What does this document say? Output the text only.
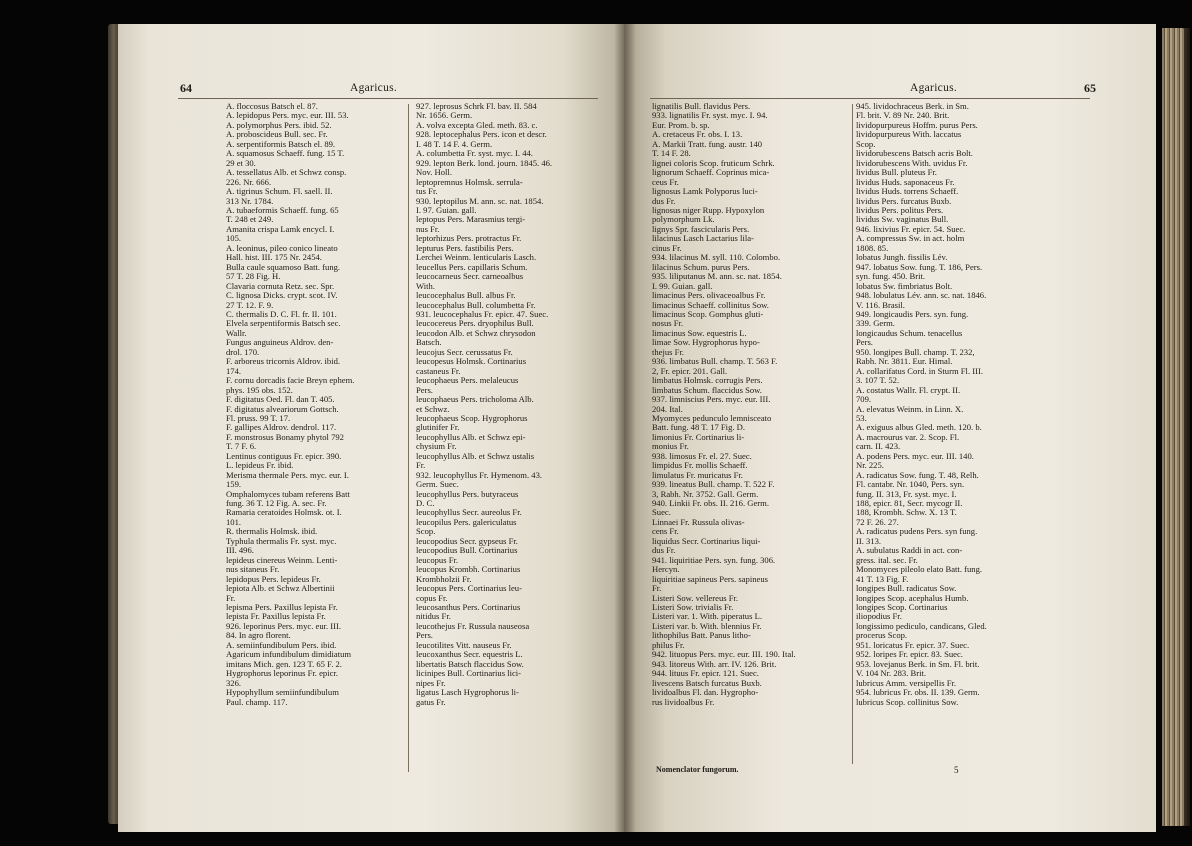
64	Agaricus.
A. floccosus Batsch el. 87.
A. lepidopus Pers. myc. eur. III. 53.
A. polymorphus Pers. ibid. 52.
A. proboscideus Bull. sec. Fr.
A. serpentiformis Batsch el. 89.
A. squamosus Schaeff. fung. 15 T.
29 et 30.
A. tessellatus Alb. et Schwz consp.
226. Nr. 666.
A. tigrinus Schum. Fl. saell. II.
313 Nr. 1784.
A. tubaeformis Schaeff. fung. 65
T. 248 et 249.
Amanita crispa Lamk encycl. I.
105.
A. leoninus, pileo conico lineato
Hall. hist. III. 175 Nr. 2454.
Bulla caule squamoso Batt. fung.
57 T. 28 Fig. H.
Clavaria cornuta Retz. sec. Spr.
C. lignosa Dicks. crypt. scot. IV.
27 T. 12. F. 9.
C. thermalis D. C. Fl. fr. II. 101.
Elvela serpentiformis Batsch sec.
Wallr.
Fungus anguineus Aldrov. den-
drol. 170.
F. arboreus tricornis Aldrov. ibid.
174.
F. cornu dorcadis facie Breyn ephem.
phys. 195 obs. 152.
F. digitatus Oed. Fl. dan T. 405.
F. digitatus alveariorum Gottsch.
Fl. pruss. 99 T. 17.
F. gallipes Aldrov. dendrol. 117.
F. monstrosus Bonamy phytol 792
T. 7 F. 6.
Lentinus contiguus Fr. epicr. 390.
L. lepideus Fr. ibid.
Merisma thermale Pers. myc. eur. I.
159.
Omphalomyces tubam referens Batt
fung. 36 T. 12 Fig. A. sec. Fr.
Ramaria ceratoides Holmsk. ot. I.
101.
R. thermalis Holmsk. ibid.
Typhula thermalis Fr. syst. myc.
III. 496.
lepideus cinereus Weinm. Lenti-
nus sitaneus Fr.
lepidopus Pers. lepideus Fr.
lepiota Alb. et Schwz Albertinii
Fr.
lepisma Pers. Paxillus lepista Fr.
lepista Fr. Paxillus lepista Fr.
926. leporinus Pers. myc. eur. III.
84. In agro florent.
A. semiinfundibulum Pers. ibid.
Agaricum infundibulum dimidiatum
imitans Mich. gen. 123 T. 65 F. 2.
Hygrophorus leporinus Fr. epicr.
326.
Hypophyllum semiinfundibulum
Paul. champ. 117.
927. leprosus Schrk Fl. bav. II. 584
Nr. 1656. Germ.
A. volva excepta Gled. meth. 83. c.
928. leptocephalus Pers. icon et descr.
I. 48 T. 14 F. 4. Germ.
A. columbetta Fr. syst. myc. I. 44.
929. lepton Berk. lond. journ. 1845. 46.
Nov. Holl.
leptopremnus Holmsk. serrula-
tus Fr.
930. leptopilus M. ann. sc. nat. 1854.
I. 97. Guian. gall.
leptopus Pers. Marasmius tergi-
nus Fr.
leptorhizus Pers. protractus Fr.
lepturus Pers. fastibilis Pers.
Lerchei Weinm. lenticularis Lasch.
leucellus Pers. capillaris Schum.
leucocarneus Secr. carneoalbus
With.
leucocephalus Bull. albus Fr.
leucocephalus Bull. columbetta Fr.
931. leucocephalus Fr. epicr. 47. Suec.
leucocereus Pers. dryophilus Bull.
leucodon Alb. et Schwz chrysodon
Batsch.
leucojus Secr. cerussatus Fr.
leucopesus Holmsk. Cortinarius
castaneus Fr.
leucophaeus Pers. melaleucus
Pers.
leucophaeus Pers. tricholoma Alb.
et Schwz.
leucophaeus Scop. Hygrophorus
glutinifer Fr.
leucophyllus Alb. et Schwz epi-
chysium Fr.
leucophyllus Alb. et Schwz ustalis
Fr.
932. leucophyllus Fr. Hymenom. 43.
Germ. Suec.
leucophyllus Pers. butyraceus
D. C.
leucophyllus Secr. aureolus Fr.
leucopilus Pers. galericulatus
Scop.
leucopodius Secr. gypseus Fr.
leucopodius Bull. Cortinarius
leucopus Fr.
leucopus Krombh. Cortinarius
Krombholzii Fr.
leucopus Pers. Cortinarius leu-
copus Fr.
leucosanthus Pers. Cortinarius
nitidus Fr.
leucothejus Fr. Russula nauseosa
Pers.
leucotilites Vitt. nauseus Fr.
leucoxanthus Secr. equestris L.
libertatis Batsch flaccidus Sow.
licinipes Bull. Cortinarius lici-
nipes Fr.
ligatus Lasch Hygrophorus li-
gatus Fr.
Agaricus.	65
lignatilis Bull. flavidus Pers.
933. lignatilis Fr. syst. myc. I. 94.
Eur. Prom. b. sp.
A. cretaceus Fr. obs. I. 13.
A. Markii Tratt. fung. austr. 140
T. 14 F. 28.
lignei coloris Scop. fruticum Schrk.
lignorum Schaeff. Coprinus mica-
ceus Fr.
lignosus Lamk Polyporus luci-
dus Fr.
lignosus niger Rupp. Hypoxylon
polymorphum Lk.
lignys Spr. fascicularis Pers.
lilacinus Lasch Lactarius lila-
cinus Fr.
934. lilacinus M. syll. 110. Colombo.
lilacinus Schum. purus Pers.
935. liliputanus M. ann. sc. nat. 1854.
I. 99. Guian. gall.
limacinus Pers. olivaceoalbus Fr.
limacinus Schaeff. collinitus Sow.
limacinus Scop. Gomphus gluti-
nosus Fr.
limacinus Sow. equestris L.
limae Sow. Hygrophorus hypo-
thejus Fr.
936. limbatus Bull. champ. T. 563 F.
2, Fr. epicr. 201. Gall.
limbatus Holmsk. corrugis Pers.
limbatus Schum. flaccidus Sow.
937. limniscius Pers. myc. eur. III.
204. Ital.
Myomyces pedunculo lemnisceato
Batt. fung. 48 T. 17 Fig. D.
limonius Fr. Cortinarius li-
monius Fr.
938. limosus Fr. el. 27. Suec.
limpidus Fr. mollis Schaeff.
limulatus Fr. muricatus Fr.
939. lineatus Bull. champ. T. 522 F.
3, Rabh. Nr. 3752. Gall. Germ.
940. Linkii Fr. obs. II. 216. Germ.
Suec.
Linnaei Fr. Russula olivas-
cens Fr.
liquidus Secr. Cortinarius liqui-
dus Fr.
941. liquiritiae Pers. syn. fung. 306.
Hercyn.
liquiritiae sapineus Pers. sapineus
Fr.
Listeri Sow. vellereus Fr.
Listeri Sow. trivialis Fr.
Listeri var. 1. With. piperatus L.
Listeri var. b. With. blennius Fr.
lithophilus Batt. Panus litho-
philus Fr.
942. lituopus Pers. myc. eur. III. 190. Ital.
943. litoreus With. arr. IV. 126. Brit.
944. lituus Fr. epicr. 121. Suec.
livescens Batsch furcatus Buxb.
lividoalbus Fl. dan. Hygropho-
rus lividoalbus Fr.
945. lividochraceus Berk. in Sm.
Fl. brit. V. 89 Nr. 240. Brit.
lividopurpureus Hoffm. purus Pers.
lividopurpureus With. laccatus
Scop.
lividorubescens Batsch acris Bolt.
lividorubescens With. uvidus Fr.
lividus Bull. pluteus Fr.
lividus Huds. saponaceus Fr.
lividus Huds. torrens Schaeff.
lividus Pers. furcatus Buxb.
lividus Pers. politus Pers.
lividus Sw. vaginatus Bull.
946. lixivius Fr. epicr. 54. Suec.
A. compressus Sw. in act. holm
1808. 85.
lobatus Jungh. fissilis Lév.
947. lobatus Sow. fung. T. 186, Pers.
syn. fung. 450. Brit.
lobatus Sw. fimbriatus Bolt.
948. lobulatus Lév. ann. sc. nat. 1846.
V. 116. Brasil.
949. longicaudis Pers. syn. fung.
339. Germ.
longicaudus Schum. tenacellus
Pers.
950. longipes Bull. champ. T. 232,
Rabh. Nr. 3811. Eur. Himal.
A. collarifatus Cord. in Sturm Fl. III.
3. 107 T. 52.
A. costatus Wallr. Fl. crypt. II.
709.
A. elevatus Weinm. in Linn. X.
53.
A. exiguus albus Gled. meth. 120. b.
A. macrourus var. 2. Scop. Fl.
carn. II. 423.
A. podens Pers. myc. eur. III. 140.
Nr. 225.
A. radicatus Sow. fung. T. 48, Relh.
Fl. cantabr. Nr. 1040, Pers. syn.
fung. II. 313, Fr. syst. myc. I.
188, epicr. 81, Secr. mycogr II.
188, Krombh. Schw. X. 13 T.
72 F. 26. 27.
A. radicatus pudens Pers. syn fung.
II. 313.
A. subulatus Raddi in act. con-
gress. ital. sec. Fr.
Monomyces pileolo elato Batt. fung.
41 T. 13 Fig. F.
longipes Bull. radicatus Sow.
longipes Scop. acephalus Humb.
longipes Scop. Cortinarius
iliopodius Fr.
longissimo pediculo, candicans, Gled.
procerus Scop.
951. loricatus Fr. epicr. 37. Suec.
952. loripes Fr. epicr. 83. Suec.
953. lovejanus Berk. in Sm. Fl. brit.
V. 104 Nr. 283. Brit.
lubricus Amm. versipellis Fr.
954. lubricus Fr. obs. II. 139. Germ.
lubricus Scop. collinitus Sow.
Nomenclator fungorum.	5
